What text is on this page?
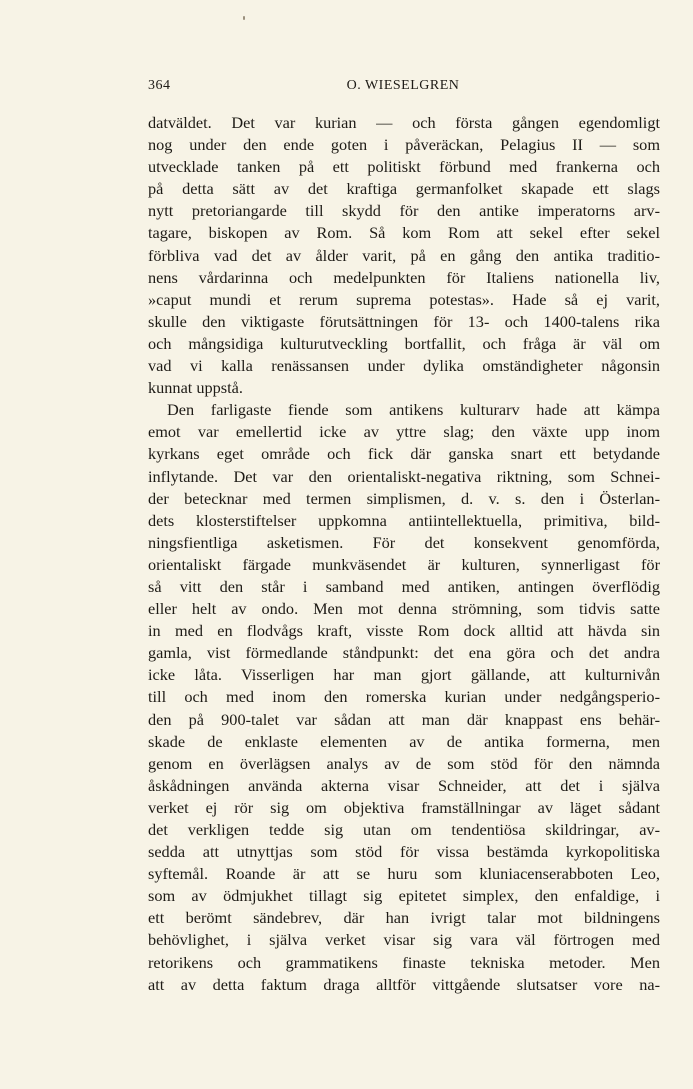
364	O. WIESELGREN
datväldet. Det var kurian — och första gången egendomligt
nog under den ende goten i påveräckan, Pelagius II — som
utvecklade tanken på ett politiskt förbund med frankerna och
på detta sätt av det kraftiga germanfolket skapade ett slags
nytt pretoriangarde till skydd för den antike imperatorns arv-
tagare, biskopen av Rom. Så kom Rom att sekel efter sekel
förbliva vad det av ålder varit, på en gång den antika traditio-
nens vårdarinna och medelpunkten för Italiens nationella liv,
»caput mundi et rerum suprema potestas». Hade så ej varit,
skulle den viktigaste förutsättningen för 13- och 1400-talens rika
och mångsidiga kulturutveckling bortfallit, och fråga är väl om
vad vi kalla renässansen under dylika omständigheter någonsin
kunnat uppstå.
Den farligaste fiende som antikens kulturarv hade att kämpa
emot var emellertid icke av yttre slag; den växte upp inom
kyrkans eget område och fick där ganska snart ett betydande
inflytande. Det var den orientaliskt-negativa riktning, som Schnei-
der betecknar med termen simplismen, d. v. s. den i Österlan-
dets klosterstiftelser uppkomna antiintellektuella, primitiva, bild-
ningsfientliga asketismen. För det konsekvent genomförda,
orientaliskt färgade munkväsendet är kulturen, synnerligast för
så vitt den står i samband med antiken, antingen överflödig
eller helt av ondo. Men mot denna strömning, som tidvis satte
in med en flodvågs kraft, visste Rom dock alltid att hävda sin
gamla, vist förmedlande ståndpunkt: det ena göra och det andra
icke låta. Visserligen har man gjort gällande, att kulturnivån
till och med inom den romerska kurian under nedgångsperio-
den på 900-talet var sådan att man där knappast ens behär-
skade de enklaste elementen av de antika formerna, men
genom en överlägsen analys av de som stöd för den nämnda
åskådningen använda akterna visar Schneider, att det i själva
verket ej rör sig om objektiva framställningar av läget sådant
det verkligen tedde sig utan om tendentiösa skildringar, av-
sedda att utnyttjas som stöd för vissa bestämda kyrkopolitiska
syftemål. Roande är att se huru som kluniacenserabboten Leo,
som av ödmjukhet tillagt sig epitetet simplex, den enfaldige, i
ett berömt sändebrev, där han ivrigt talar mot bildningens
behövlighet, i själva verket visar sig vara väl förtrogen med
retorikens och grammatikens finaste tekniska metoder. Men
att av detta faktum draga alltför vittgående slutsatser vore na-
